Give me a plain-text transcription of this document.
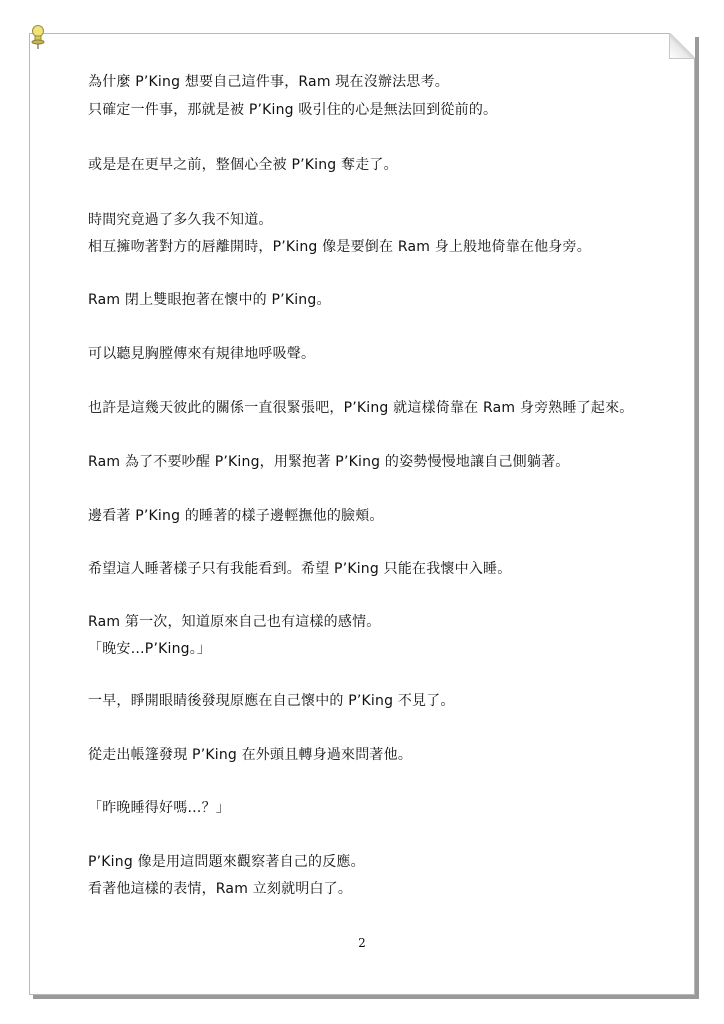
為什麼 P’King 想要自己這件事，Ram 現在沒辦法思考。
只確定一件事，那就是被 P’King 吸引住的心是無法回到從前的。
或是是在更早之前，整個心全被 P’King 奪走了。
時間究竟過了多久我不知道。
相互擁吻著對方的唇離開時，P’King 像是要倒在 Ram 身上般地倚靠在他身旁。
Ram 閉上雙眼抱著在懷中的 P’King。
可以聽見胸膛傳來有規律地呼吸聲。
也許是這幾天彼此的關係一直很緊張吧，P’King 就這樣倚靠在 Ram 身旁熟睡了起來。
Ram 為了不要吵醒 P’King，用緊抱著 P’King 的姿勢慢慢地讓自己側躺著。
邊看著 P’King 的睡著的樣子邊輕撫他的臉頰。
希望這人睡著樣子只有我能看到。希望 P’King 只能在我懷中入睡。
Ram 第一次，知道原來自己也有這樣的感情。
「晚安…P’King。」
一早，睜開眼睛後發現原應在自己懷中的 P’King 不見了。
從走出帳篷發現 P’King 在外頭且轉身過來問著他。
「昨晚睡得好嗎…？」
P’King 像是用這問題來觀察著自己的反應。
看著他這樣的表情，Ram 立刻就明白了。
2
